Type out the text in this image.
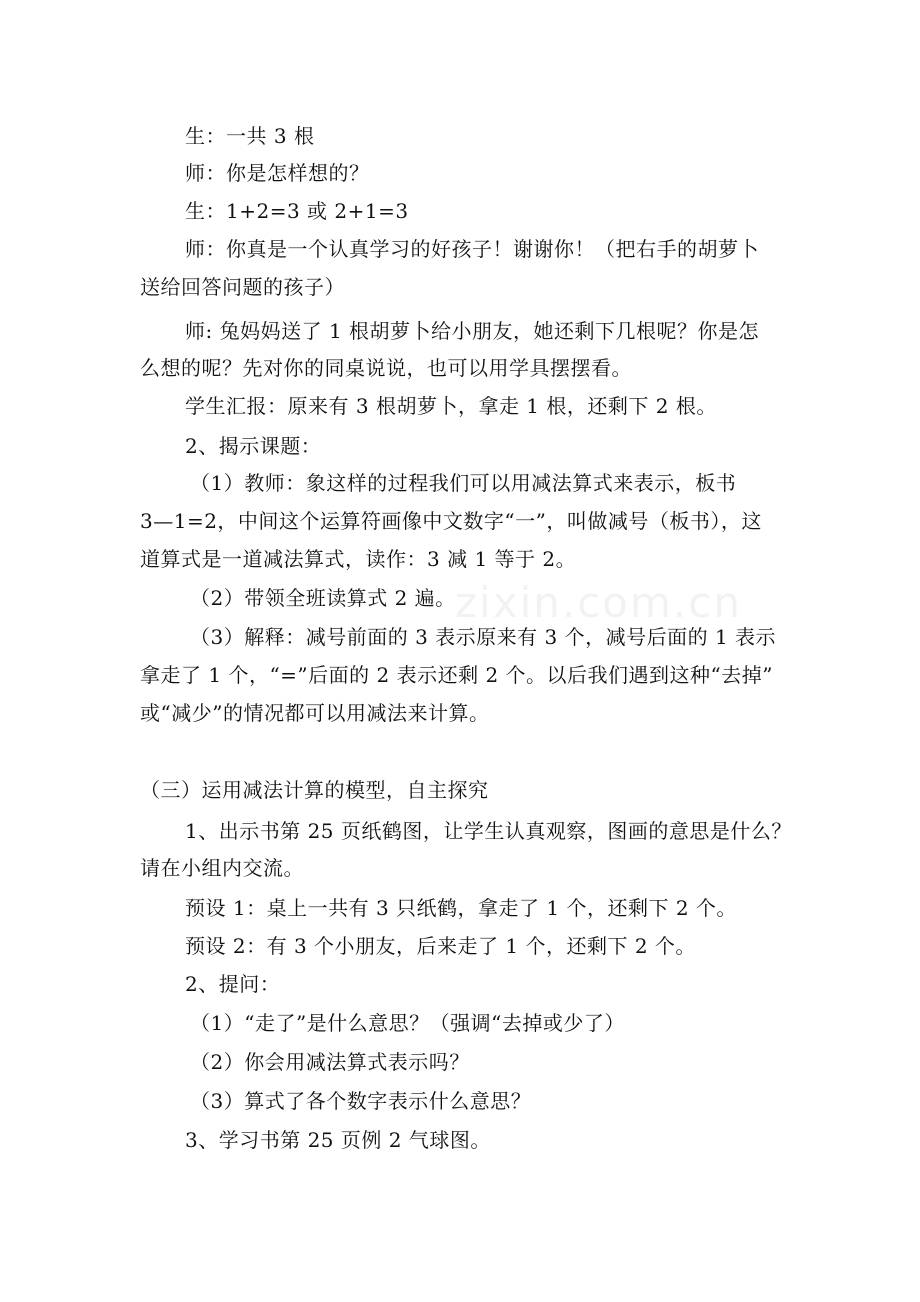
zixin.com.cn
生：一共 3 根
师：你是怎样想的？
生：1+2=3 或 2+1=3
师：你真是一个认真学习的好孩子！谢谢你！（把右手的胡萝卜
送给回答问题的孩子）
师: 兔妈妈送了 1 根胡萝卜给小朋友，她还剩下几根呢？你是怎
么想的呢？先对你的同桌说说，也可以用学具摆摆看。
学生汇报：原来有 3 根胡萝卜，拿走 1 根，还剩下 2 根。
2、揭示课题：
（1）教师：象这样的过程我们可以用减法算式来表示，板书
3—1=2，中间这个运算符画像中文数字“一”，叫做减号（板书），这
道算式是一道减法算式，读作：3 减 1 等于 2。
（2）带领全班读算式 2 遍。
（3）解释：减号前面的 3 表示原来有 3 个，减号后面的 1 表示
拿走了 1 个，“=”后面的 2 表示还剩 2 个。以后我们遇到这种“去掉”
或“减少”的情况都可以用减法来计算。
（三）运用减法计算的模型，自主探究
1、出示书第 25 页纸鹤图，让学生认真观察，图画的意思是什么？
请在小组内交流。
预设 1：桌上一共有 3 只纸鹤，拿走了 1 个，还剩下 2 个。
预设 2：有 3 个小朋友，后来走了 1 个，还剩下 2 个。
2、提问：
（1）“走了”是什么意思？（强调“去掉或少了）
（2）你会用减法算式表示吗？
（3）算式了各个数字表示什么意思？
3、学习书第 25 页例 2 气球图。
